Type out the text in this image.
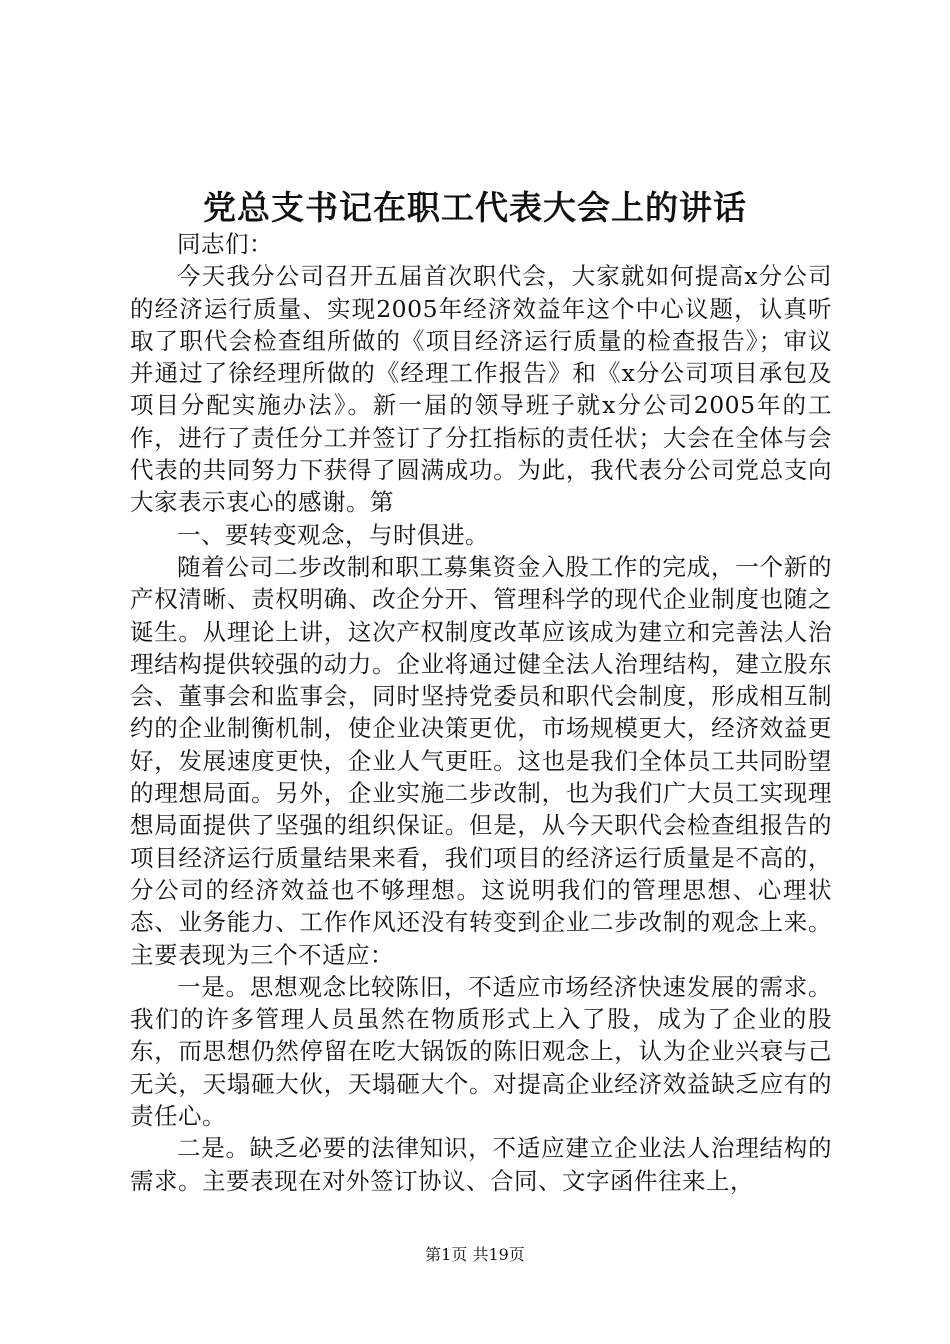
党总支书记在职工代表大会上的讲话

同志们：

今天我分公司召开五届首次职代会，大家就如何提高x分公司的经济运行质量、实现2005年经济效益年这个中心议题，认真听取了职代会检查组所做的《项目经济运行质量的检查报告》；审议并通过了徐经理所做的《经理工作报告》和《x分公司项目承包及项目分配实施办法》。新一届的领导班子就x分公司2005年的工作，进行了责任分工并签订了分扛指标的责任状；大会在全体与会代表的共同努力下获得了圆满成功。为此，我代表分公司党总支向大家表示衷心的感谢。第

一、要转变观念，与时俱进。

随着公司二步改制和职工募集资金入股工作的完成，一个新的产权清晰、责权明确、改企分开、管理科学的现代企业制度也随之诞生。从理论上讲，这次产权制度改革应该成为建立和完善法人治理结构提供较强的动力。企业将通过健全法人治理结构，建立股东会、董事会和监事会，同时坚持党委员和职代会制度，形成相互制约的企业制衡机制，使企业决策更优，市场规模更大，经济效益更好，发展速度更快，企业人气更旺。这也是我们全体员工共同盼望的理想局面。另外，企业实施二步改制，也为我们广大员工实现理想局面提供了坚强的组织保证。但是，从今天职代会检查组报告的项目经济运行质量结果来看，我们项目的经济运行质量是不高的，分公司的经济效益也不够理想。这说明我们的管理思想、心理状态、业务能力、工作作风还没有转变到企业二步改制的观念上来。主要表现为三个不适应：

一是。思想观念比较陈旧，不适应市场经济快速发展的需求。我们的许多管理人员虽然在物质形式上入了股，成为了企业的股东，而思想仍然停留在吃大锅饭的陈旧观念上，认为企业兴衰与己无关，天塌砸大伙，天塌砸大个。对提高企业经济效益缺乏应有的责任心。

二是。缺乏必要的法律知识，不适应建立企业法人治理结构的需求。主要表现在对外签订协议、合同、文字函件往来上，

第1页 共19页
